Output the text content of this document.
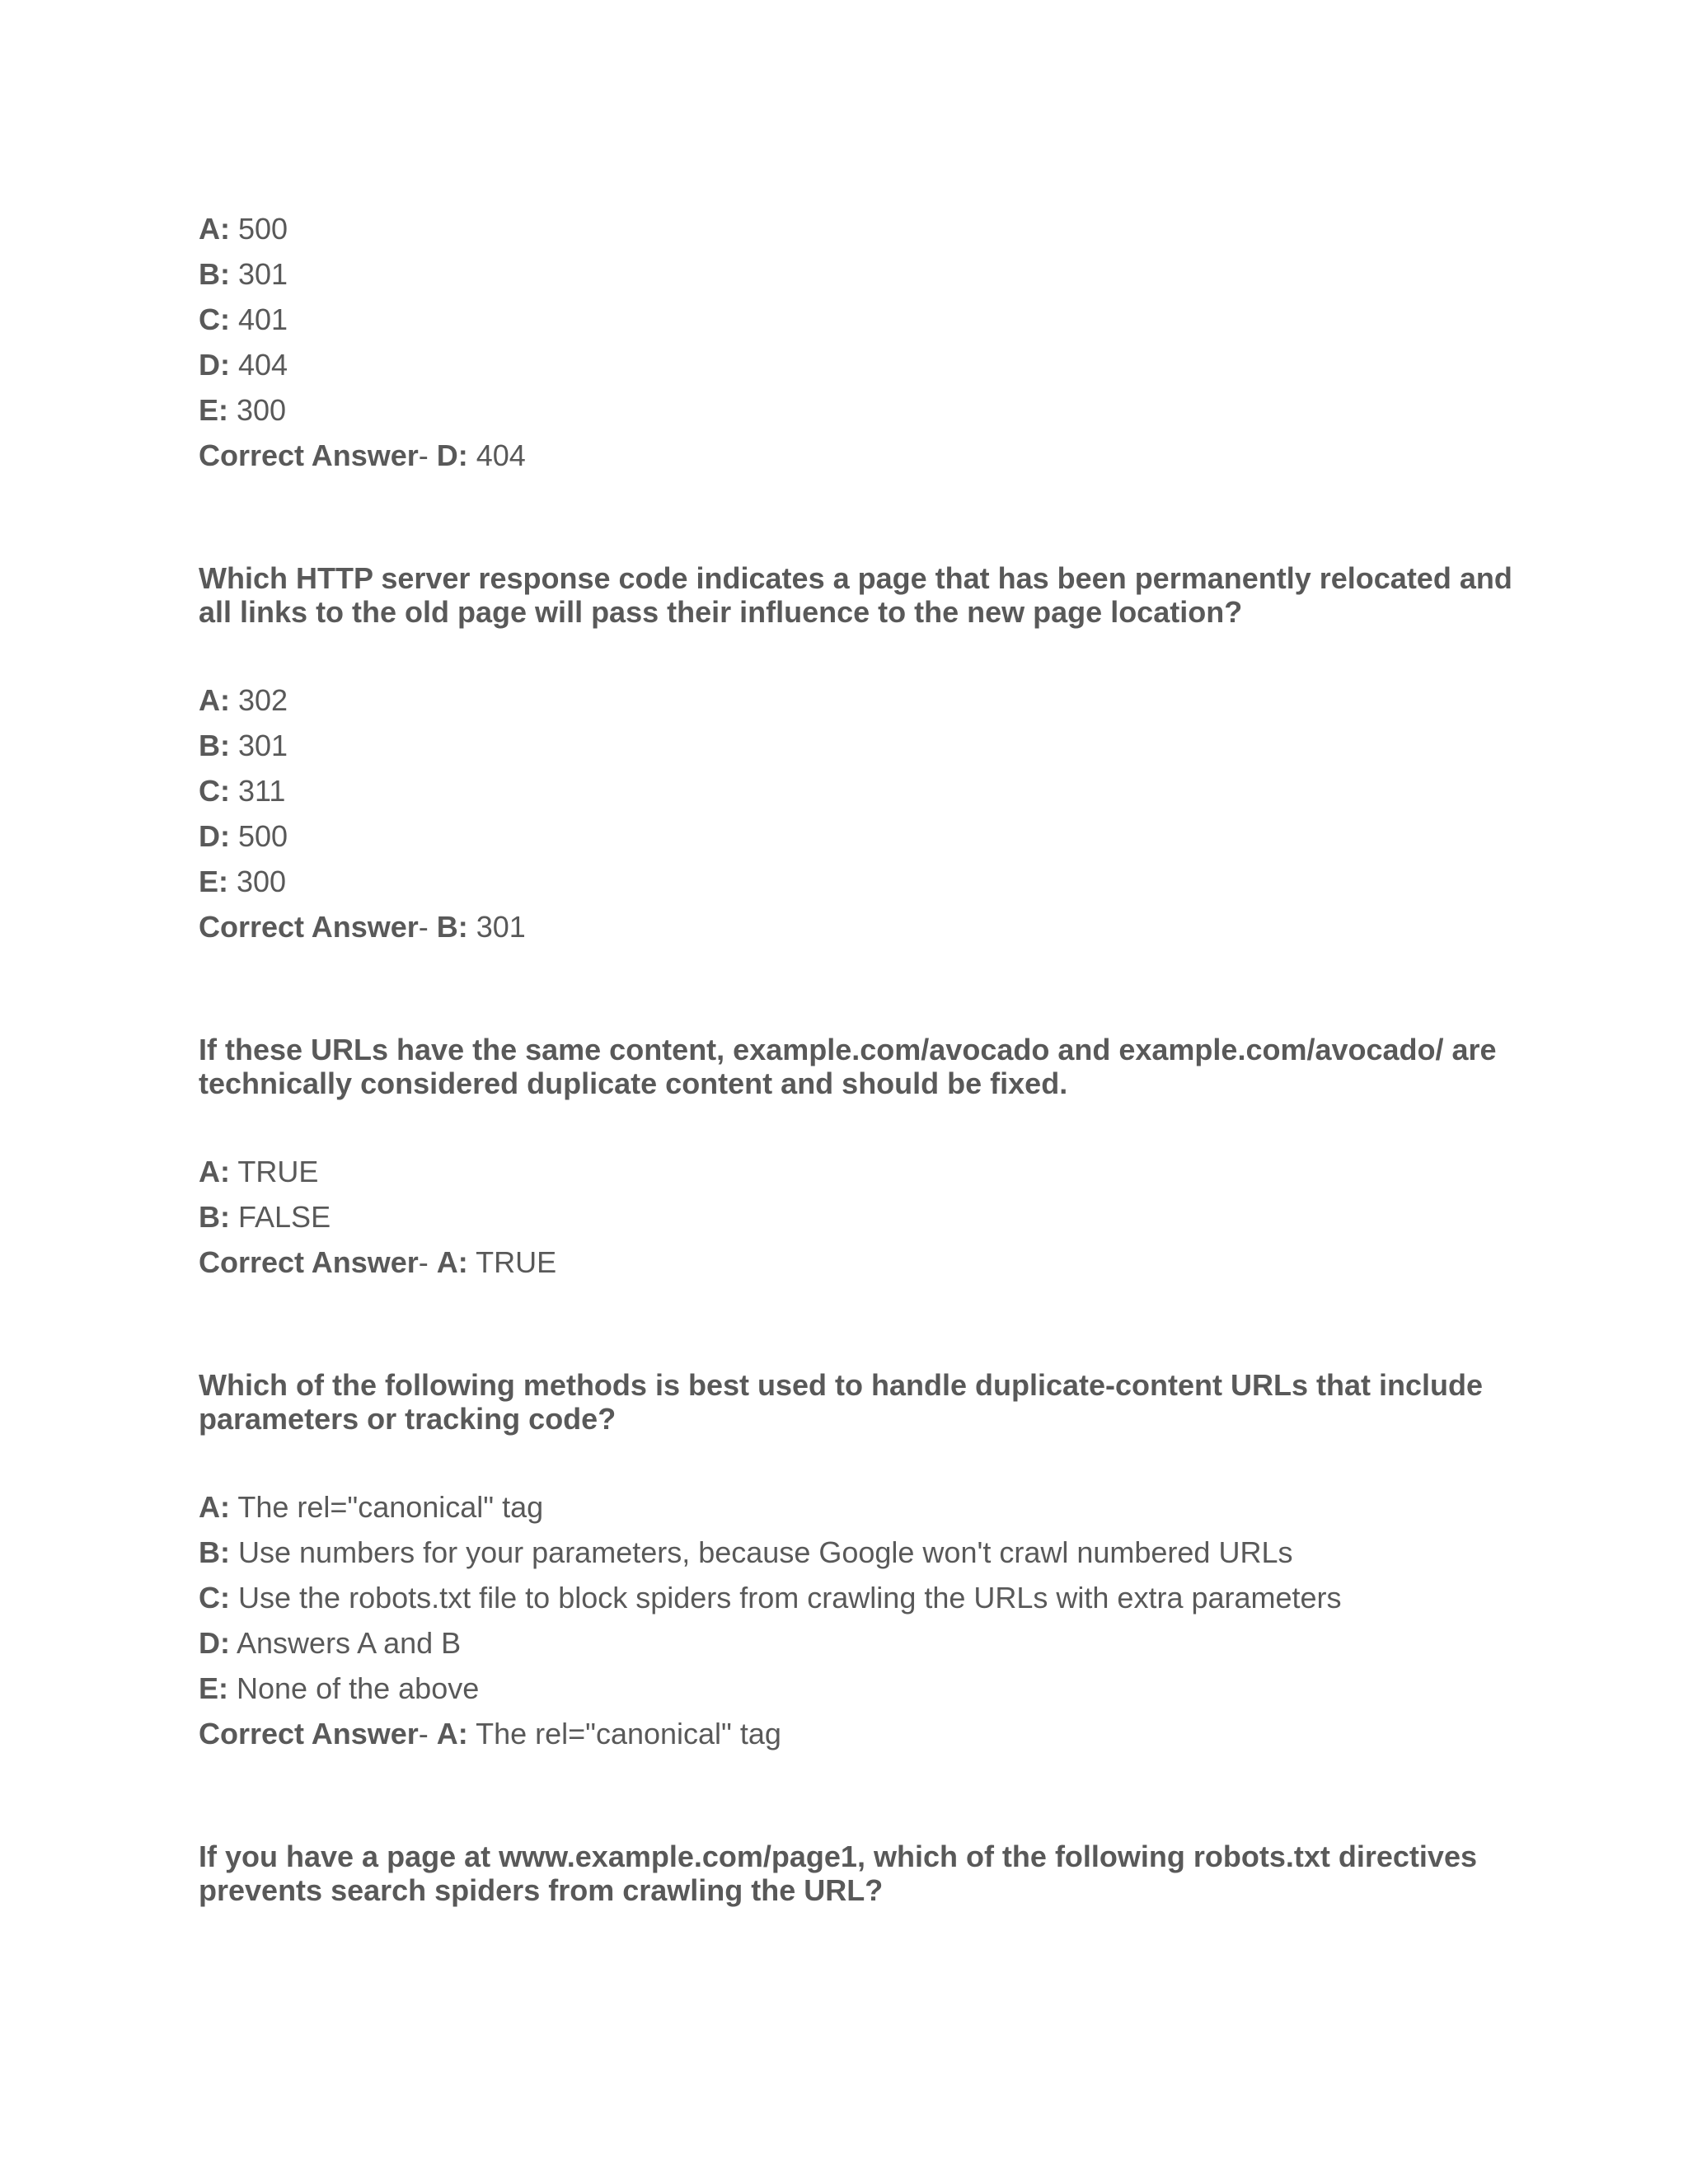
A: 500
B: 301
C: 401
D: 404
E: 300
Correct Answer- D: 404

Which HTTP server response code indicates a page that has been permanently relocated and all links to the old page will pass their influence to the new page location?

A: 302
B: 301
C: 311
D: 500
E: 300
Correct Answer- B: 301

If these URLs have the same content, example.com/avocado and example.com/avocado/ are technically considered duplicate content and should be fixed.

A: TRUE
B: FALSE
Correct Answer- A: TRUE

Which of the following methods is best used to handle duplicate-content URLs that include parameters or tracking code?

A: The rel="canonical" tag
B: Use numbers for your parameters, because Google won't crawl numbered URLs
C: Use the robots.txt file to block spiders from crawling the URLs with extra parameters
D: Answers A and B
E: None of the above
Correct Answer- A: The rel="canonical" tag

If you have a page at www.example.com/page1, which of the following robots.txt directives prevents search spiders from crawling the URL?
